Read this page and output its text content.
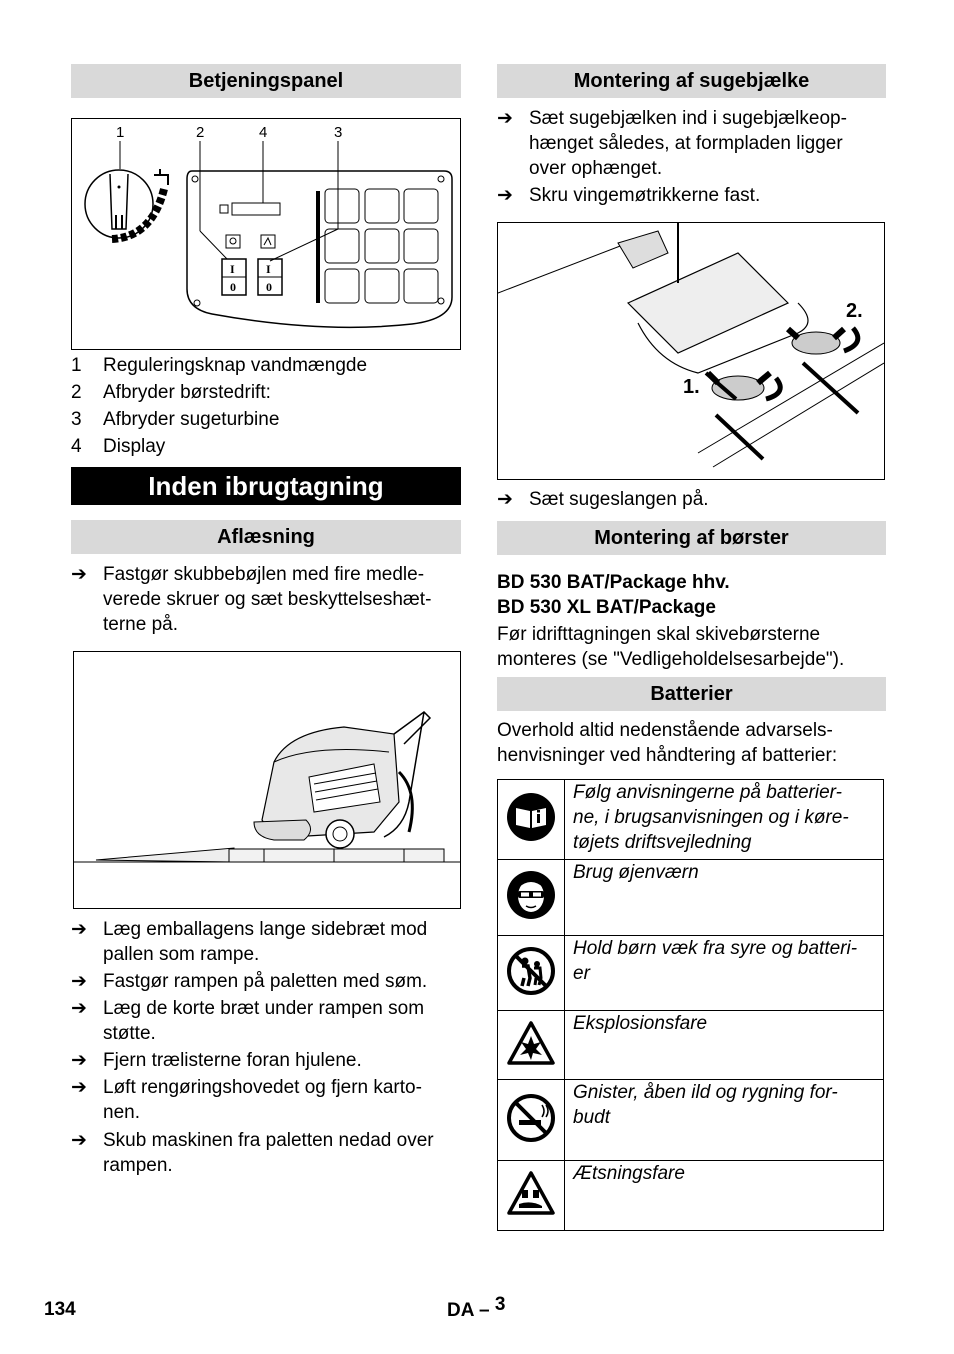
Betjeningspanel
1	2	4	3
I
0
I
0
1 Reguleringsknap vandmængde
2 Afbryder børstedrift:
3 Afbryder sugeturbine
4 Display
Inden ibrugtagning
Aflæsning
➔ Fastgør skubbebøjlen med fire medle-
verede skruer og sæt beskyttelseshæt-
terne på.
➔ Læg emballagens lange sidebræt mod
pallen som rampe.
➔ Fastgør rampen på paletten med søm.
➔ Læg de korte bræt under rampen som
støtte.
➔ Fjern trælisterne foran hjulene.
➔ Løft rengøringshovedet og fjern karto-
nen.
➔ Skub maskinen fra paletten nedad over
rampen.
Montering af sugebjælke
➔ Sæt sugebjælken ind i sugebjælkeop-
hænget således, at formpladen ligger
over ophænget.
➔ Skru vingemøtrikkerne fast.
1.
2.
➔ Sæt sugeslangen på.
Montering af børster
BD 530 BAT/Package hhv.
BD 530 XL BAT/Package
Før idrifttagningen skal skivebørsterne
monteres (se "Vedligeholdelsesarbejde").
Batterier
Overhold altid nedenstående advarsels-
henvisninger ved håndtering af batterier:

Følg anvisningerne på batterier-
ne, i brugsanvisningen og i køre-
tøjets driftsvejledning

Brug øjenværn

Hold børn væk fra syre og batteri-
er

Eksplosionsfare

Gnister, åben ild og rygning for-
budt

Ætsningsfare
134	DA – 3
